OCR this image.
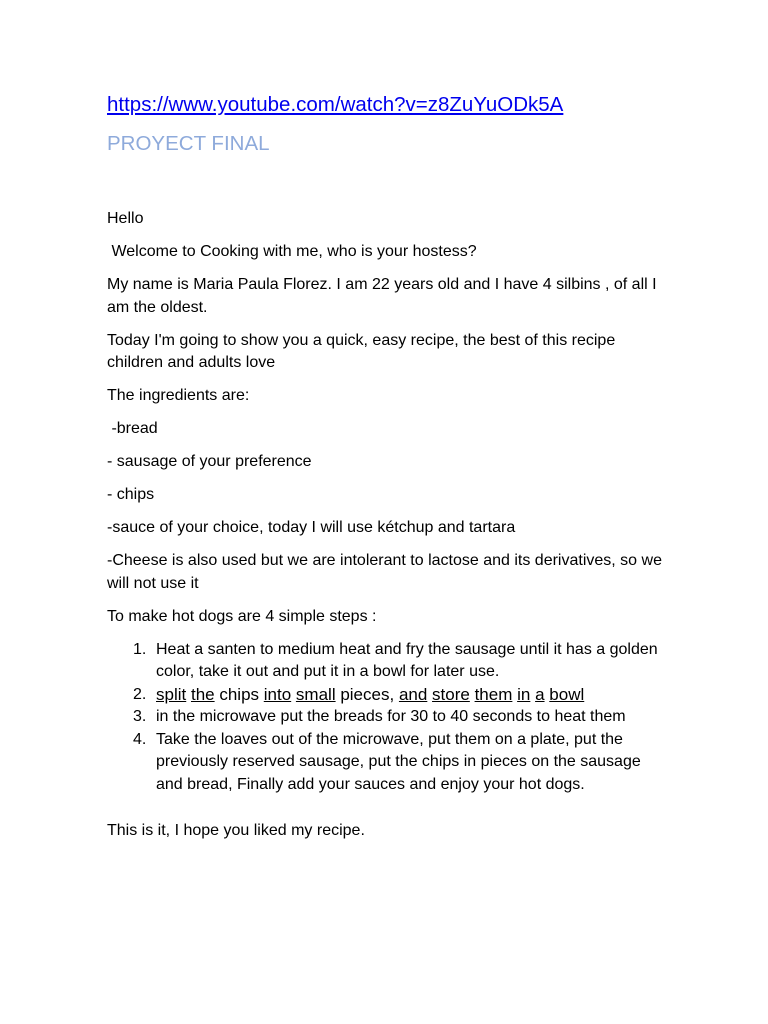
https://www.youtube.com/watch?v=z8ZuYuODk5A
PROYECT FINAL

Hello

Welcome to Cooking with me, who is your hostess?

My name is Maria Paula Florez. I am 22 years old and I have 4 silbins , of all I am the oldest.

Today I'm going to show you a quick, easy recipe, the best of this recipe children and adults love

The ingredients are:

-bread

- sausage of your preference

- chips

-sauce of your choice, today I will use kétchup and tartara

-Cheese is also used but we are intolerant to lactose and its derivatives, so we will not use it

To make hot dogs are 4 simple steps :

1. Heat a santen to medium heat and fry the sausage until it has a golden color, take it out and put it in a bowl for later use.
2. split the chips into small pieces, and store them in a bowl
3. in the microwave put the breads for 30 to 40 seconds to heat them
4. Take the loaves out of the microwave, put them on a plate, put the previously reserved sausage, put the chips in pieces on the sausage and bread, Finally add your sauces and enjoy your hot dogs.

This is it, I hope you liked my recipe.
